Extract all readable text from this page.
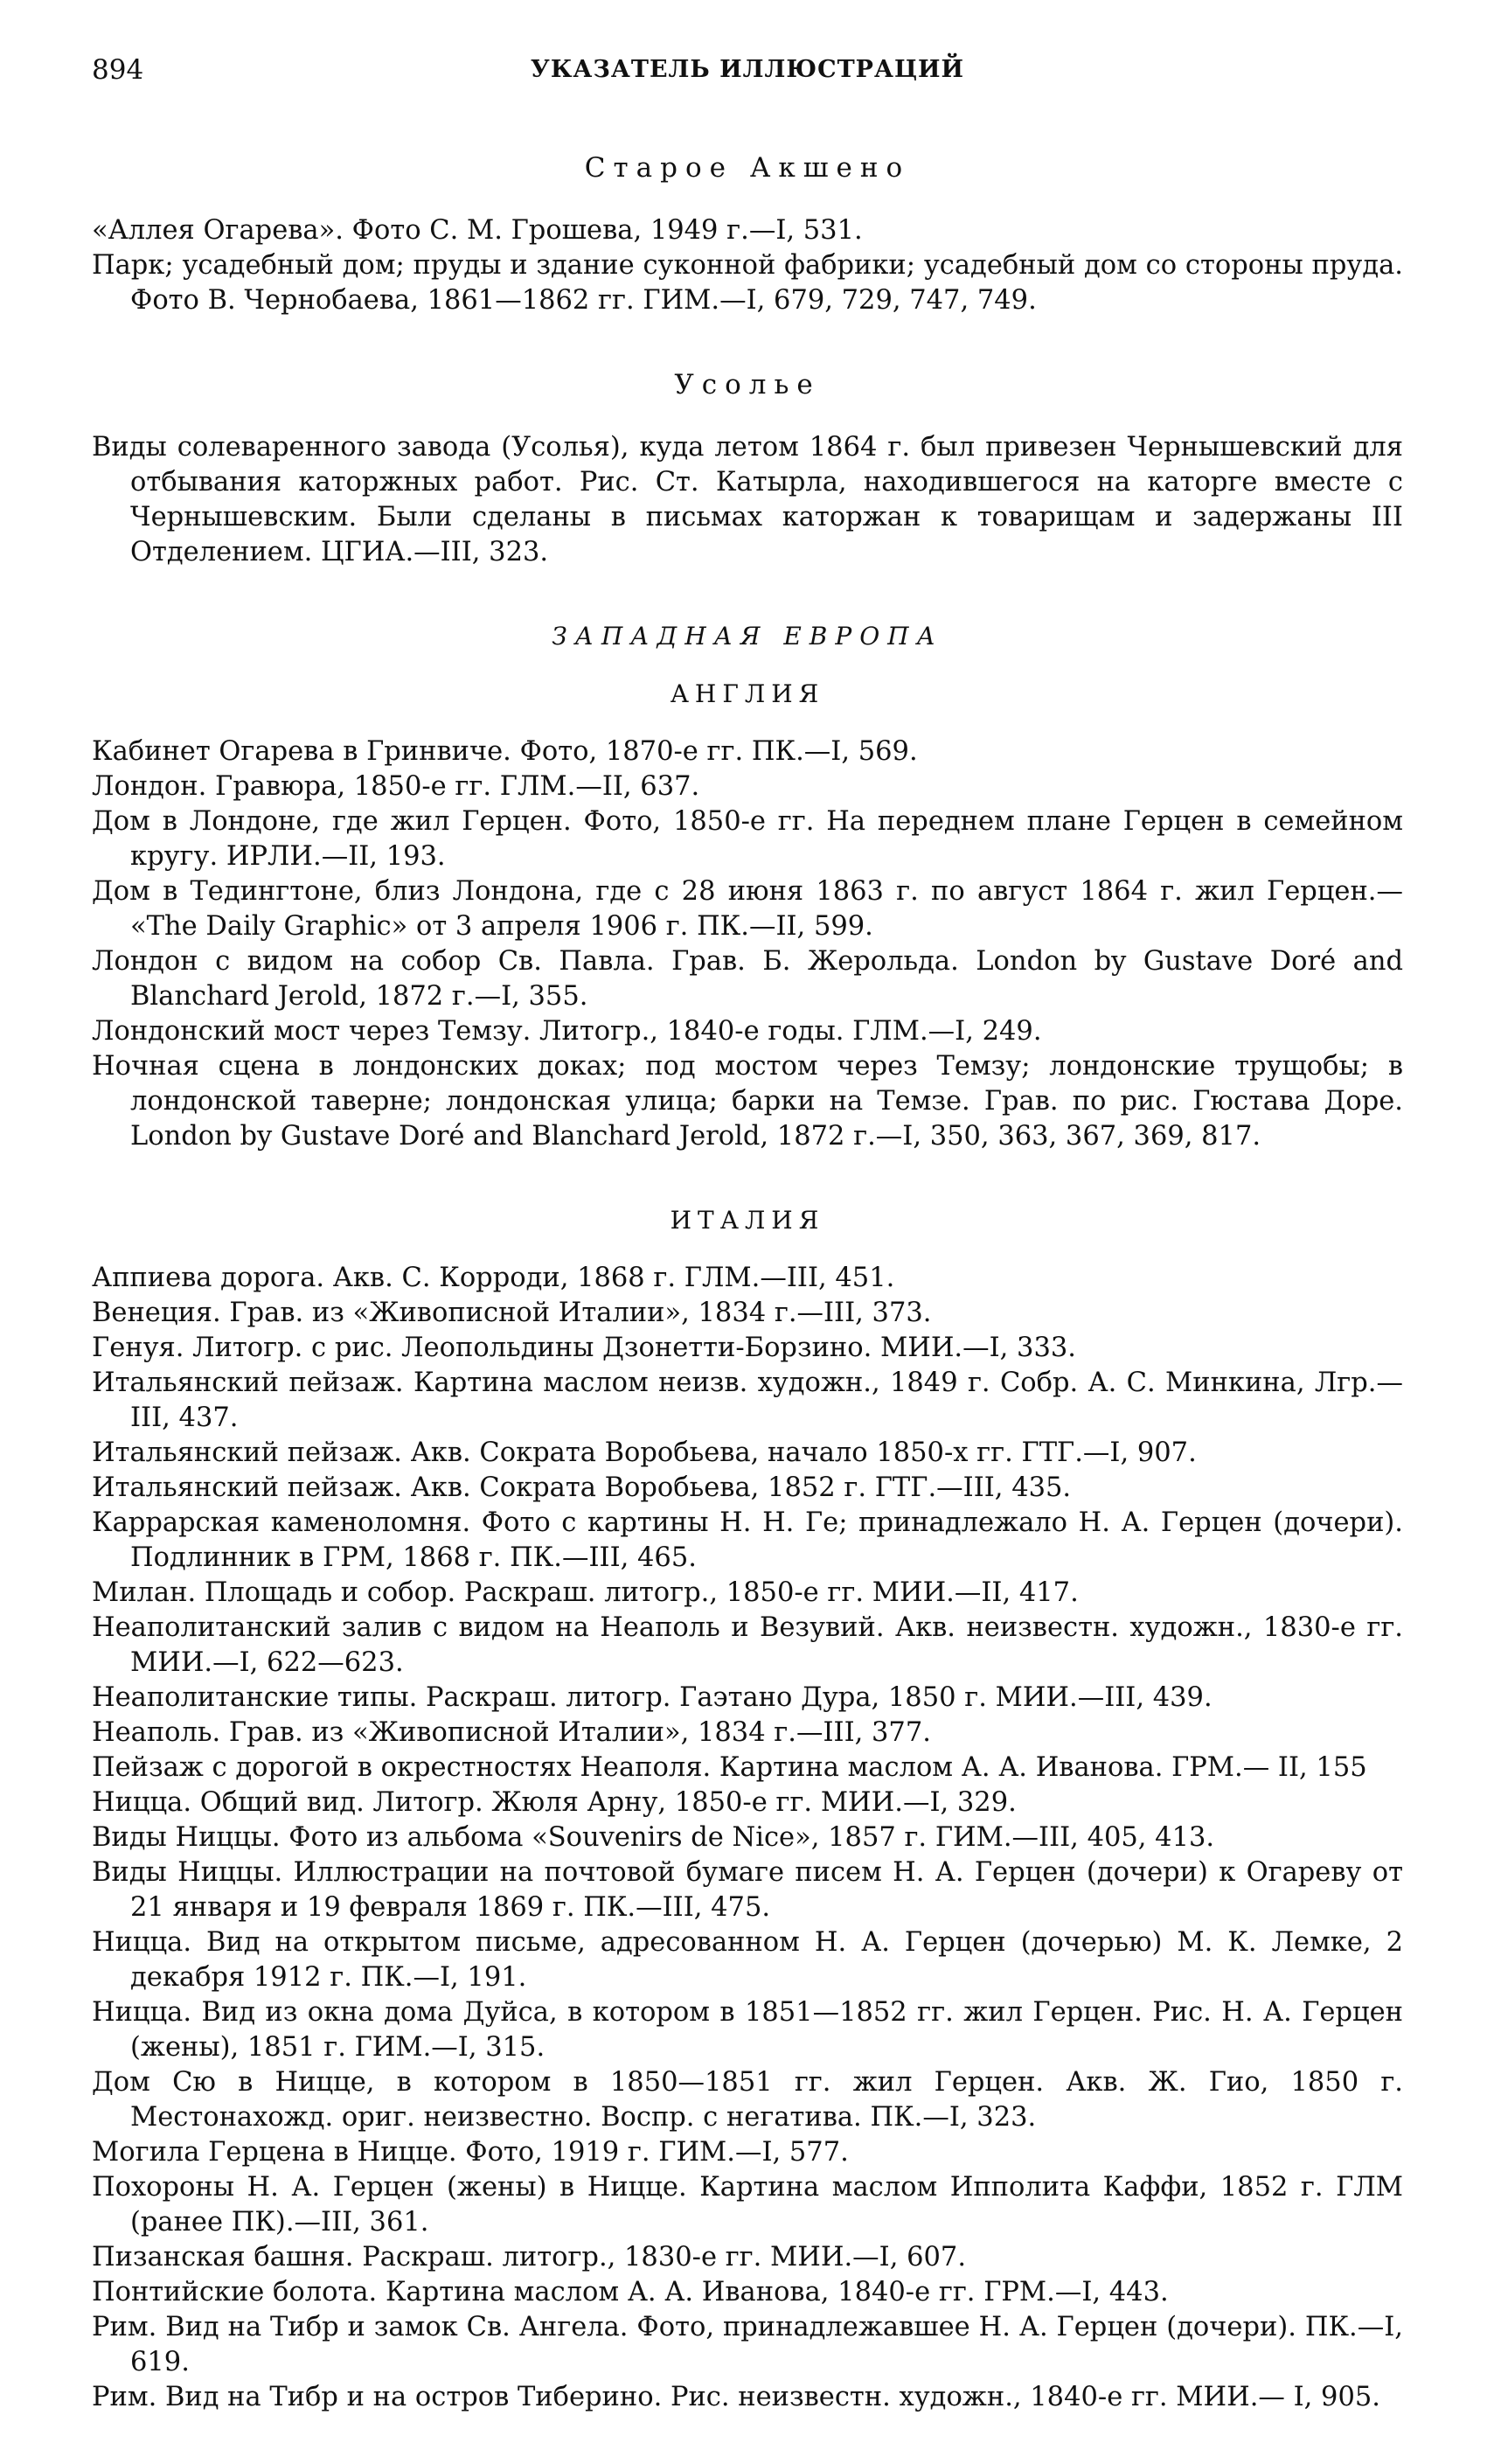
894	УКАЗАТЕЛЬ ИЛЛЮСТРАЦИЙ
Старое Акшено
«Аллея Огарева». Фото С. М. Грошева, 1949 г.—I, 531.
Парк; усадебный дом; пруды и здание суконной фабрики; усадебный дом со стороны пруда. Фото В. Чернобаева, 1861—1862 гг. ГИМ.—I, 679, 729, 747, 749.
Усолье
Виды солеваренного завода (Усолья), куда летом 1864 г. был привезен Чернышевский для отбывания каторжных работ. Рис. Ст. Катырла, находившегося на каторге вместе с Чернышевским. Были сделаны в письмах каторжан к товарищам и задержаны III Отделением. ЦГИА.—III, 323.
ЗАПАДНАЯ ЕВРОПА
АНГЛИЯ
Кабинет Огарева в Гринвиче. Фото, 1870-е гг. ПК.—I, 569.
Лондон. Гравюра, 1850-е гг. ГЛМ.—II, 637.
Дом в Лондоне, где жил Герцен. Фото, 1850-е гг. На переднем плане Герцен в семейном кругу. ИРЛИ.—II, 193.
Дом в Тедингтоне, близ Лондона, где с 28 июня 1863 г. по август 1864 г. жил Герцен.— «The Daily Graphic» от 3 апреля 1906 г. ПК.—II, 599.
Лондон с видом на собор Св. Павла. Грав. Б. Жерольда. London by Gustave Doré and Blanchard Jerold, 1872 г.—I, 355.
Лондонский мост через Темзу. Литогр., 1840-е годы. ГЛМ.—I, 249.
Ночная сцена в лондонских доках; под мостом через Темзу; лондонские трущобы; в лондонской таверне; лондонская улица; барки на Темзе. Грав. по рис. Гюстава Доре. London by Gustave Doré and Blanchard Jerold, 1872 г.—I, 350, 363, 367, 369, 817.
ИТАЛИЯ
Аппиева дорога. Акв. С. Корроди, 1868 г. ГЛМ.—III, 451.
Венеция. Грав. из «Живописной Италии», 1834 г.—III, 373.
Генуя. Литогр. с рис. Леопольдины Дзонетти-Борзино. МИИ.—I, 333.
Итальянский пейзаж. Картина маслом неизв. художн., 1849 г. Собр. А. С. Минкина, Лгр.—III, 437.
Итальянский пейзаж. Акв. Сократа Воробьева, начало 1850-х гг. ГТГ.—I, 907.
Итальянский пейзаж. Акв. Сократа Воробьева, 1852 г. ГТГ.—III, 435.
Каррарская каменоломня. Фото с картины Н. Н. Ге; принадлежало Н. А. Герцен (дочери). Подлинник в ГРМ, 1868 г. ПК.—III, 465.
Милан. Площадь и собор. Раскраш. литогр., 1850-е гг. МИИ.—II, 417.
Неаполитанский залив с видом на Неаполь и Везувий. Акв. неизвестн. художн., 1830-е гг. МИИ.—I, 622—623.
Неаполитанские типы. Раскраш. литогр. Гаэтано Дура, 1850 г. МИИ.—III, 439.
Неаполь. Грав. из «Живописной Италии», 1834 г.—III, 377.
Пейзаж с дорогой в окрестностях Неаполя. Картина маслом А. А. Иванова. ГРМ.— II, 155
Ницца. Общий вид. Литогр. Жюля Арну, 1850-е гг. МИИ.—I, 329.
Виды Ниццы. Фото из альбома «Souvenirs de Nice», 1857 г. ГИМ.—III, 405, 413.
Виды Ниццы. Иллюстрации на почтовой бумаге писем Н. А. Герцен (дочери) к Огареву от 21 января и 19 февраля 1869 г. ПК.—III, 475.
Ницца. Вид на открытом письме, адресованном Н. А. Герцен (дочерью) М. К. Лемке, 2 декабря 1912 г. ПК.—I, 191.
Ницца. Вид из окна дома Дуйса, в котором в 1851—1852 гг. жил Герцен. Рис. Н. А. Герцен (жены), 1851 г. ГИМ.—I, 315.
Дом Сю в Ницце, в котором в 1850—1851 гг. жил Герцен. Акв. Ж. Гио, 1850 г. Местонахожд. ориг. неизвестно. Воспр. с негатива. ПК.—I, 323.
Могила Герцена в Ницце. Фото, 1919 г. ГИМ.—I, 577.
Похороны Н. А. Герцен (жены) в Ницце. Картина маслом Ипполита Каффи, 1852 г. ГЛМ (ранее ПК).—III, 361.
Пизанская башня. Раскраш. литогр., 1830-е гг. МИИ.—I, 607.
Понтийские болота. Картина маслом А. А. Иванова, 1840-е гг. ГРМ.—I, 443.
Рим. Вид на Тибр и замок Св. Ангела. Фото, принадлежавшее Н. А. Герцен (дочери). ПК.—I, 619.
Рим. Вид на Тибр и на остров Тиберино. Рис. неизвестн. художн., 1840-е гг. МИИ.— I, 905.
